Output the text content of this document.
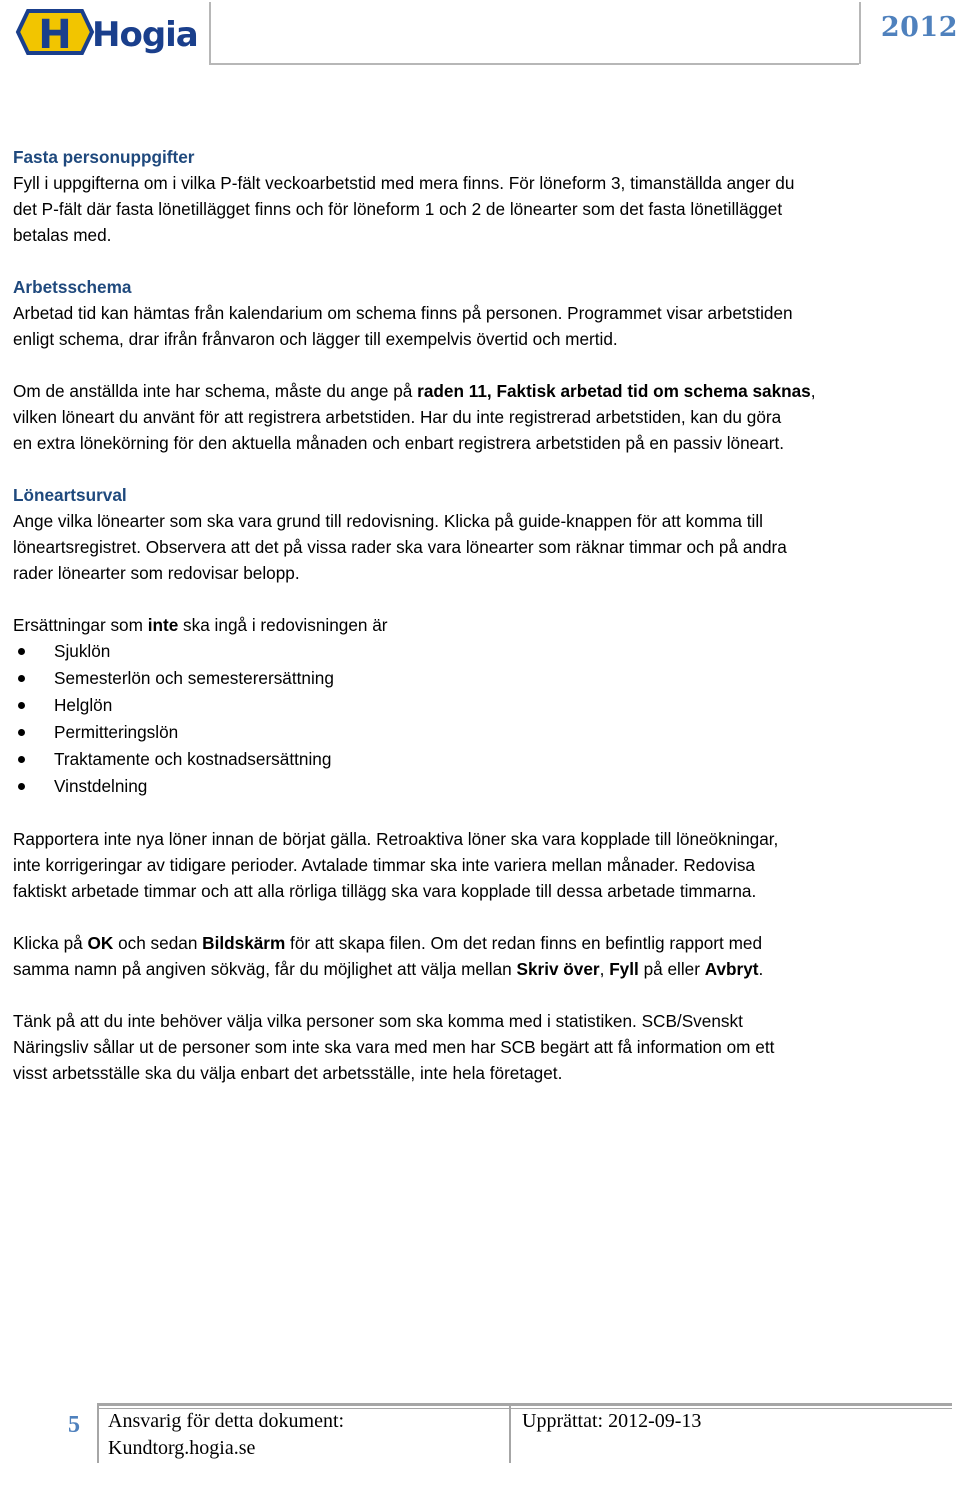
H Hogia	2012

Fasta personuppgifter

Fyll i uppgifterna om i vilka P-fält veckoarbetstid med mera finns. För löneform 3, timanställda anger du

det P-fält där fasta lönetillägget finns och för löneform 1 och 2 de lönearter som det fasta lönetillägget

betalas med.

Arbetsschema

Arbetad tid kan hämtas från kalendarium om schema finns på personen. Programmet visar arbetstiden

enligt schema, drar ifrån frånvaron och lägger till exempelvis övertid och mertid.

Om de anställda inte har schema, måste du ange på raden 11, Faktisk arbetad tid om schema saknas,

vilken löneart du använt för att registrera arbetstiden. Har du inte registrerad arbetstiden, kan du göra

en extra lönekörning för den aktuella månaden och enbart registrera arbetstiden på en passiv löneart.

Löneartsurval

Ange vilka lönearter som ska vara grund till redovisning. Klicka på guide-knappen för att komma till

löneartsregistret. Observera att det på vissa rader ska vara lönearter som räknar timmar och på andra

rader lönearter som redovisar belopp.

Ersättningar som inte ska ingå i redovisningen är

Sjuklön
Semesterlön och semesterersättning
Helglön
Permitteringslön
Traktamente och kostnadsersättning
Vinstdelning

Rapportera inte nya löner innan de börjat gälla. Retroaktiva löner ska vara kopplade till löneökningar,

inte korrigeringar av tidigare perioder. Avtalade timmar ska inte variera mellan månader. Redovisa

faktiskt arbetade timmar och att alla rörliga tillägg ska vara kopplade till dessa arbetade timmarna.

Klicka på OK och sedan Bildskärm för att skapa filen. Om det redan finns en befintlig rapport med

samma namn på angiven sökväg, får du möjlighet att välja mellan Skriv över, Fyll på eller Avbryt.

Tänk på att du inte behöver välja vilka personer som ska komma med i statistiken. SCB/Svenskt

Näringsliv sållar ut de personer som inte ska vara med men har SCB begärt att få information om ett

visst arbetsställe ska du välja enbart det arbetsställe, inte hela företaget.

5 Ansvarig för detta dokument:
Kundtorg.hogia.se
Upprättat: 2012-09-13
